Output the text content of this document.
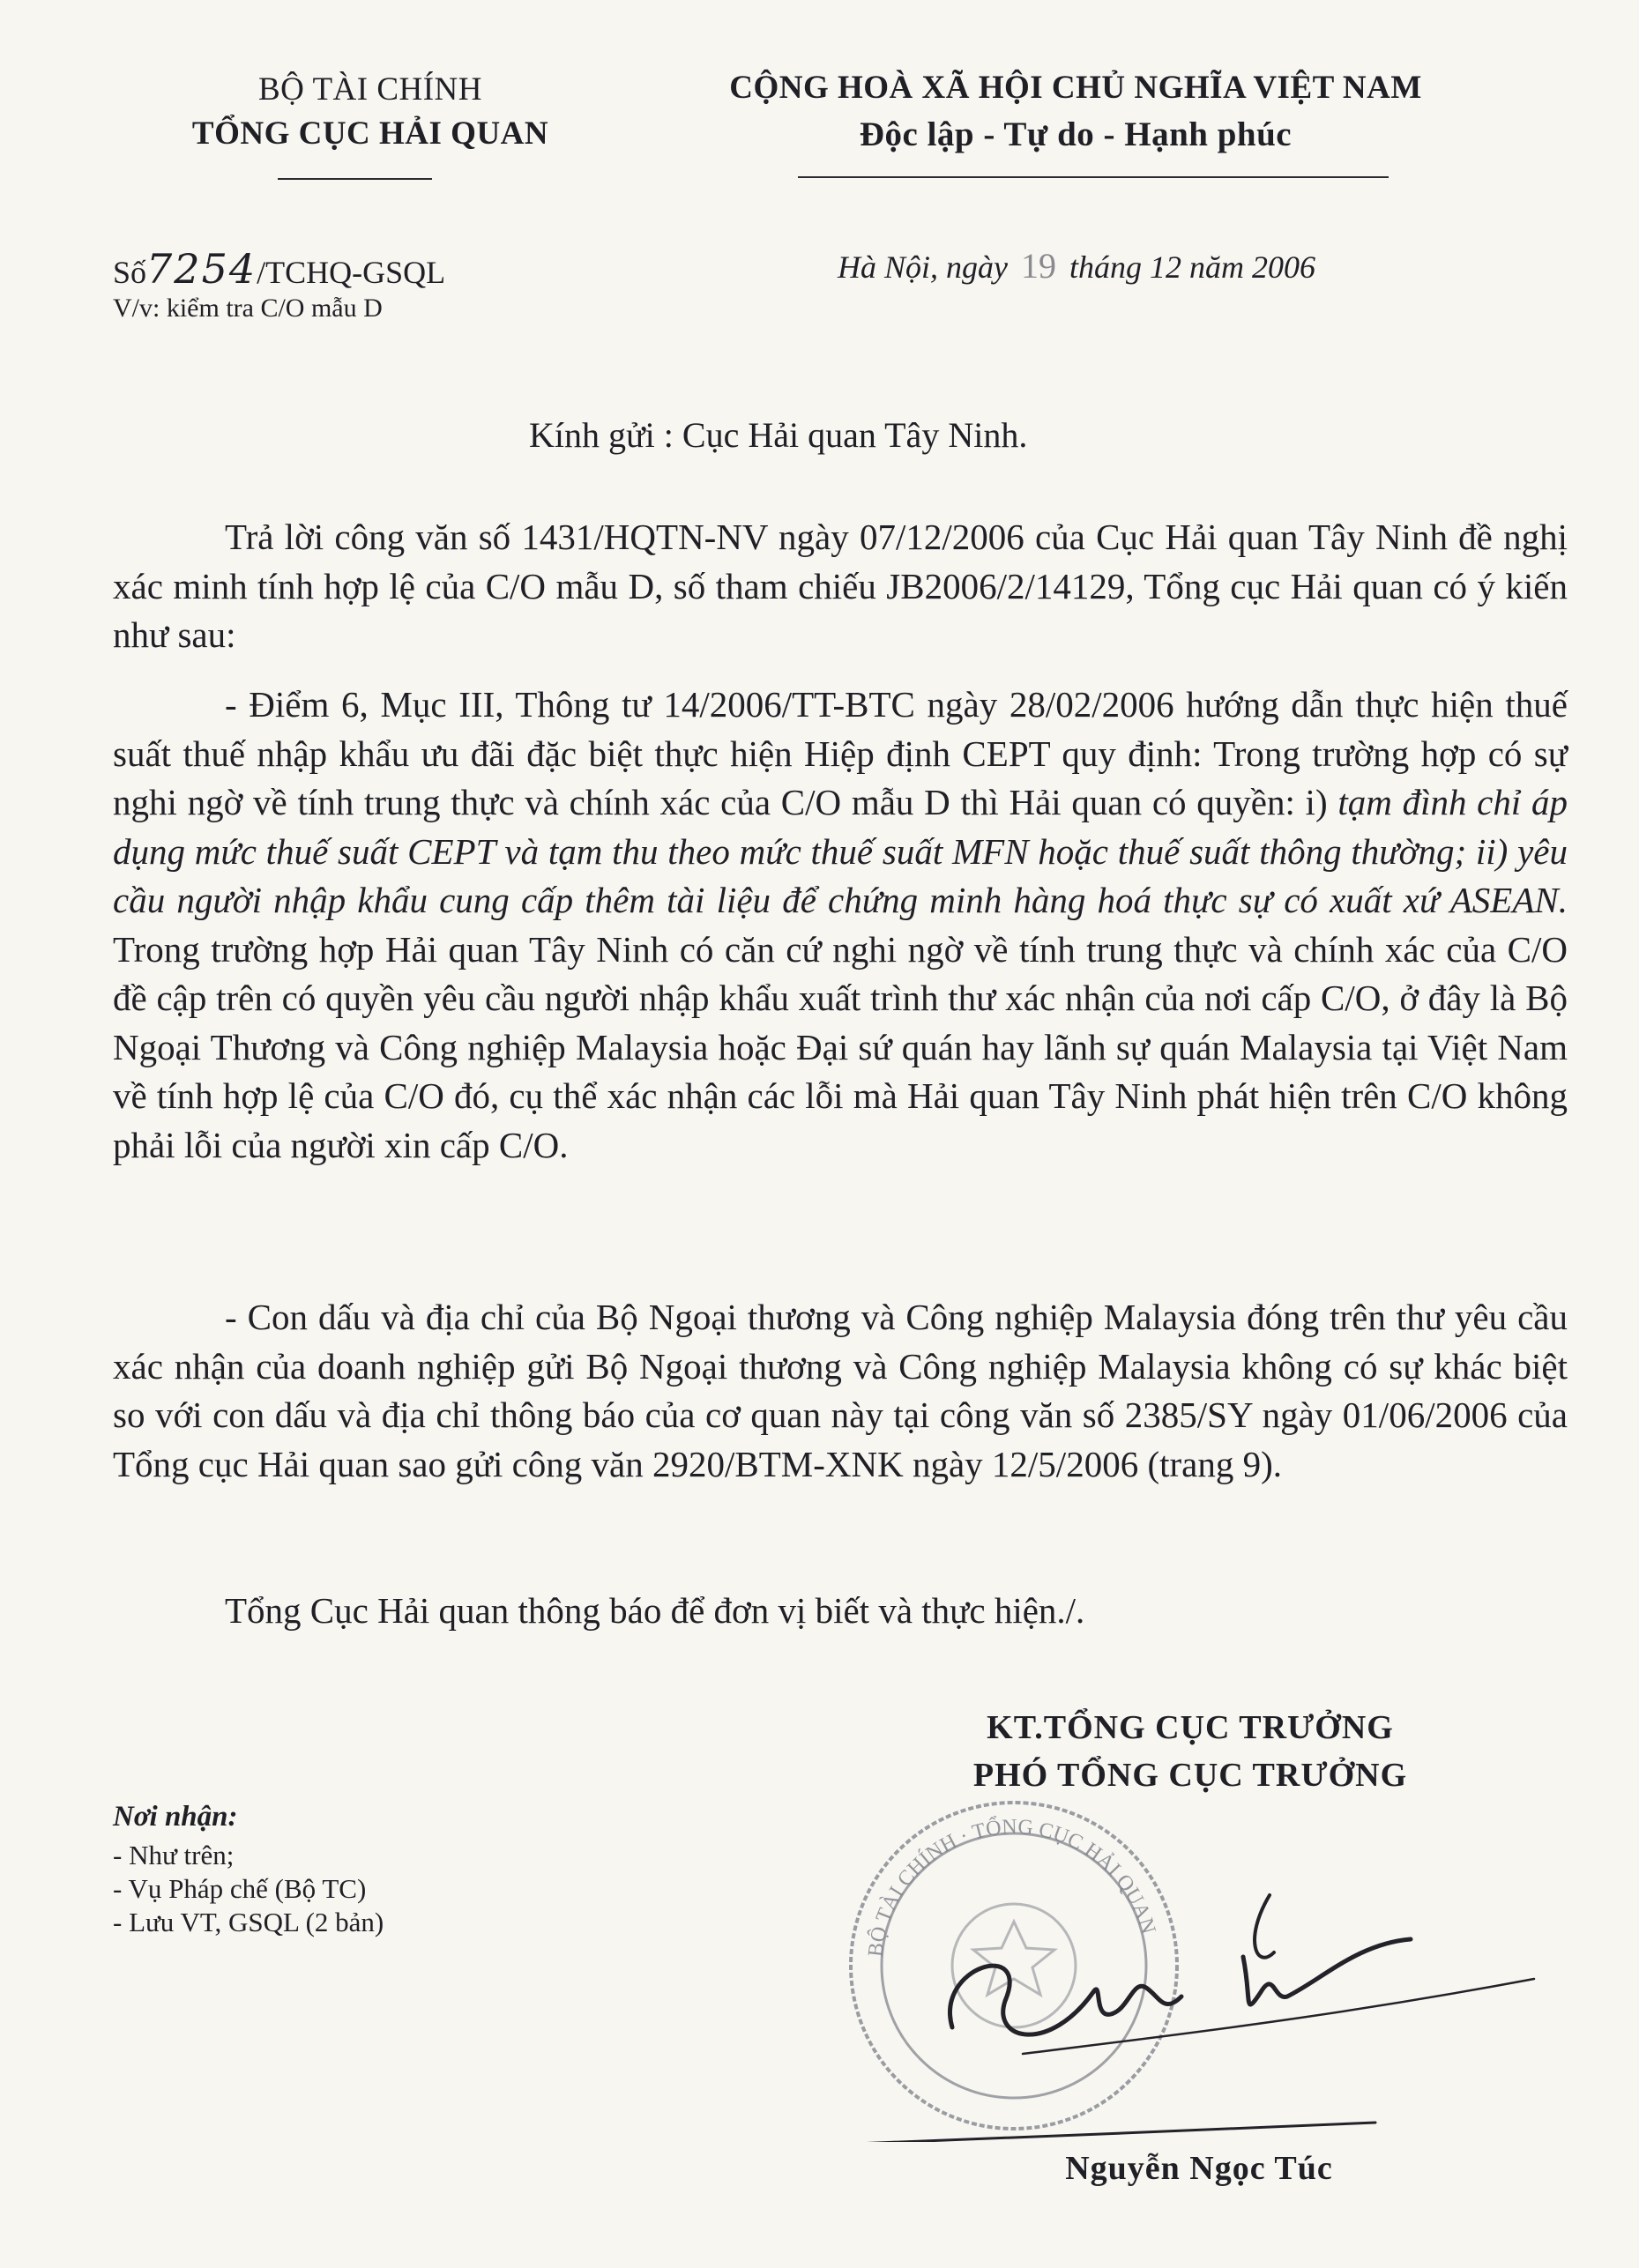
BỘ TÀI CHÍNH
TỔNG CỤC HẢI QUAN
CỘNG HOÀ XÃ HỘI CHỦ NGHĨA VIỆT NAM
Độc lập - Tự do - Hạnh phúc
Số7254/TCHQ-GSQL
V/v: kiểm tra C/O mẫu D
Hà Nội, ngày 19 tháng 12 năm 2006
Kính gửi : Cục Hải quan Tây Ninh.
Trả lời công văn số 1431/HQTN-NV ngày 07/12/2006 của Cục Hải quan Tây Ninh đề nghị xác minh tính hợp lệ của C/O mẫu D, số tham chiếu JB2006/2/14129, Tổng cục Hải quan có ý kiến như sau:
- Điểm 6, Mục III, Thông tư 14/2006/TT-BTC ngày 28/02/2006 hướng dẫn thực hiện thuế suất thuế nhập khẩu ưu đãi đặc biệt thực hiện Hiệp định CEPT quy định: Trong trường hợp có sự nghi ngờ về tính trung thực và chính xác của C/O mẫu D thì Hải quan có quyền: i) tạm đình chỉ áp dụng mức thuế suất CEPT và tạm thu theo mức thuế suất MFN hoặc thuế suất thông thường; ii) yêu cầu người nhập khẩu cung cấp thêm tài liệu để chứng minh hàng hoá thực sự có xuất xứ ASEAN. Trong trường hợp Hải quan Tây Ninh có căn cứ nghi ngờ về tính trung thực và chính xác của C/O đề cập trên có quyền yêu cầu người nhập khẩu xuất trình thư xác nhận của nơi cấp C/O, ở đây là Bộ Ngoại Thương và Công nghiệp Malaysia hoặc Đại sứ quán hay lãnh sự quán Malaysia tại Việt Nam về tính hợp lệ của C/O đó, cụ thể xác nhận các lỗi mà Hải quan Tây Ninh phát hiện trên C/O không phải lỗi của người xin cấp C/O.
- Con dấu và địa chỉ của Bộ Ngoại thương và Công nghiệp Malaysia đóng trên thư yêu cầu xác nhận của doanh nghiệp gửi Bộ Ngoại thương và Công nghiệp Malaysia không có sự khác biệt so với con dấu và địa chỉ thông báo của cơ quan này tại công văn số 2385/SY ngày 01/06/2006 của Tổng cục Hải quan sao gửi công văn 2920/BTM-XNK ngày 12/5/2006 (trang 9).
Tổng Cục Hải quan thông báo để đơn vị biết và thực hiện./.
KT.TỔNG CỤC TRƯỞNG
PHÓ TỔNG CỤC TRƯỞNG
BỘ TÀI CHÍNH · TỔNG CỤC HẢI QUAN
Nguyễn Ngọc Túc
Nơi nhận:
- Như trên;
- Vụ Pháp chế (Bộ TC)
- Lưu VT, GSQL (2 bản)
